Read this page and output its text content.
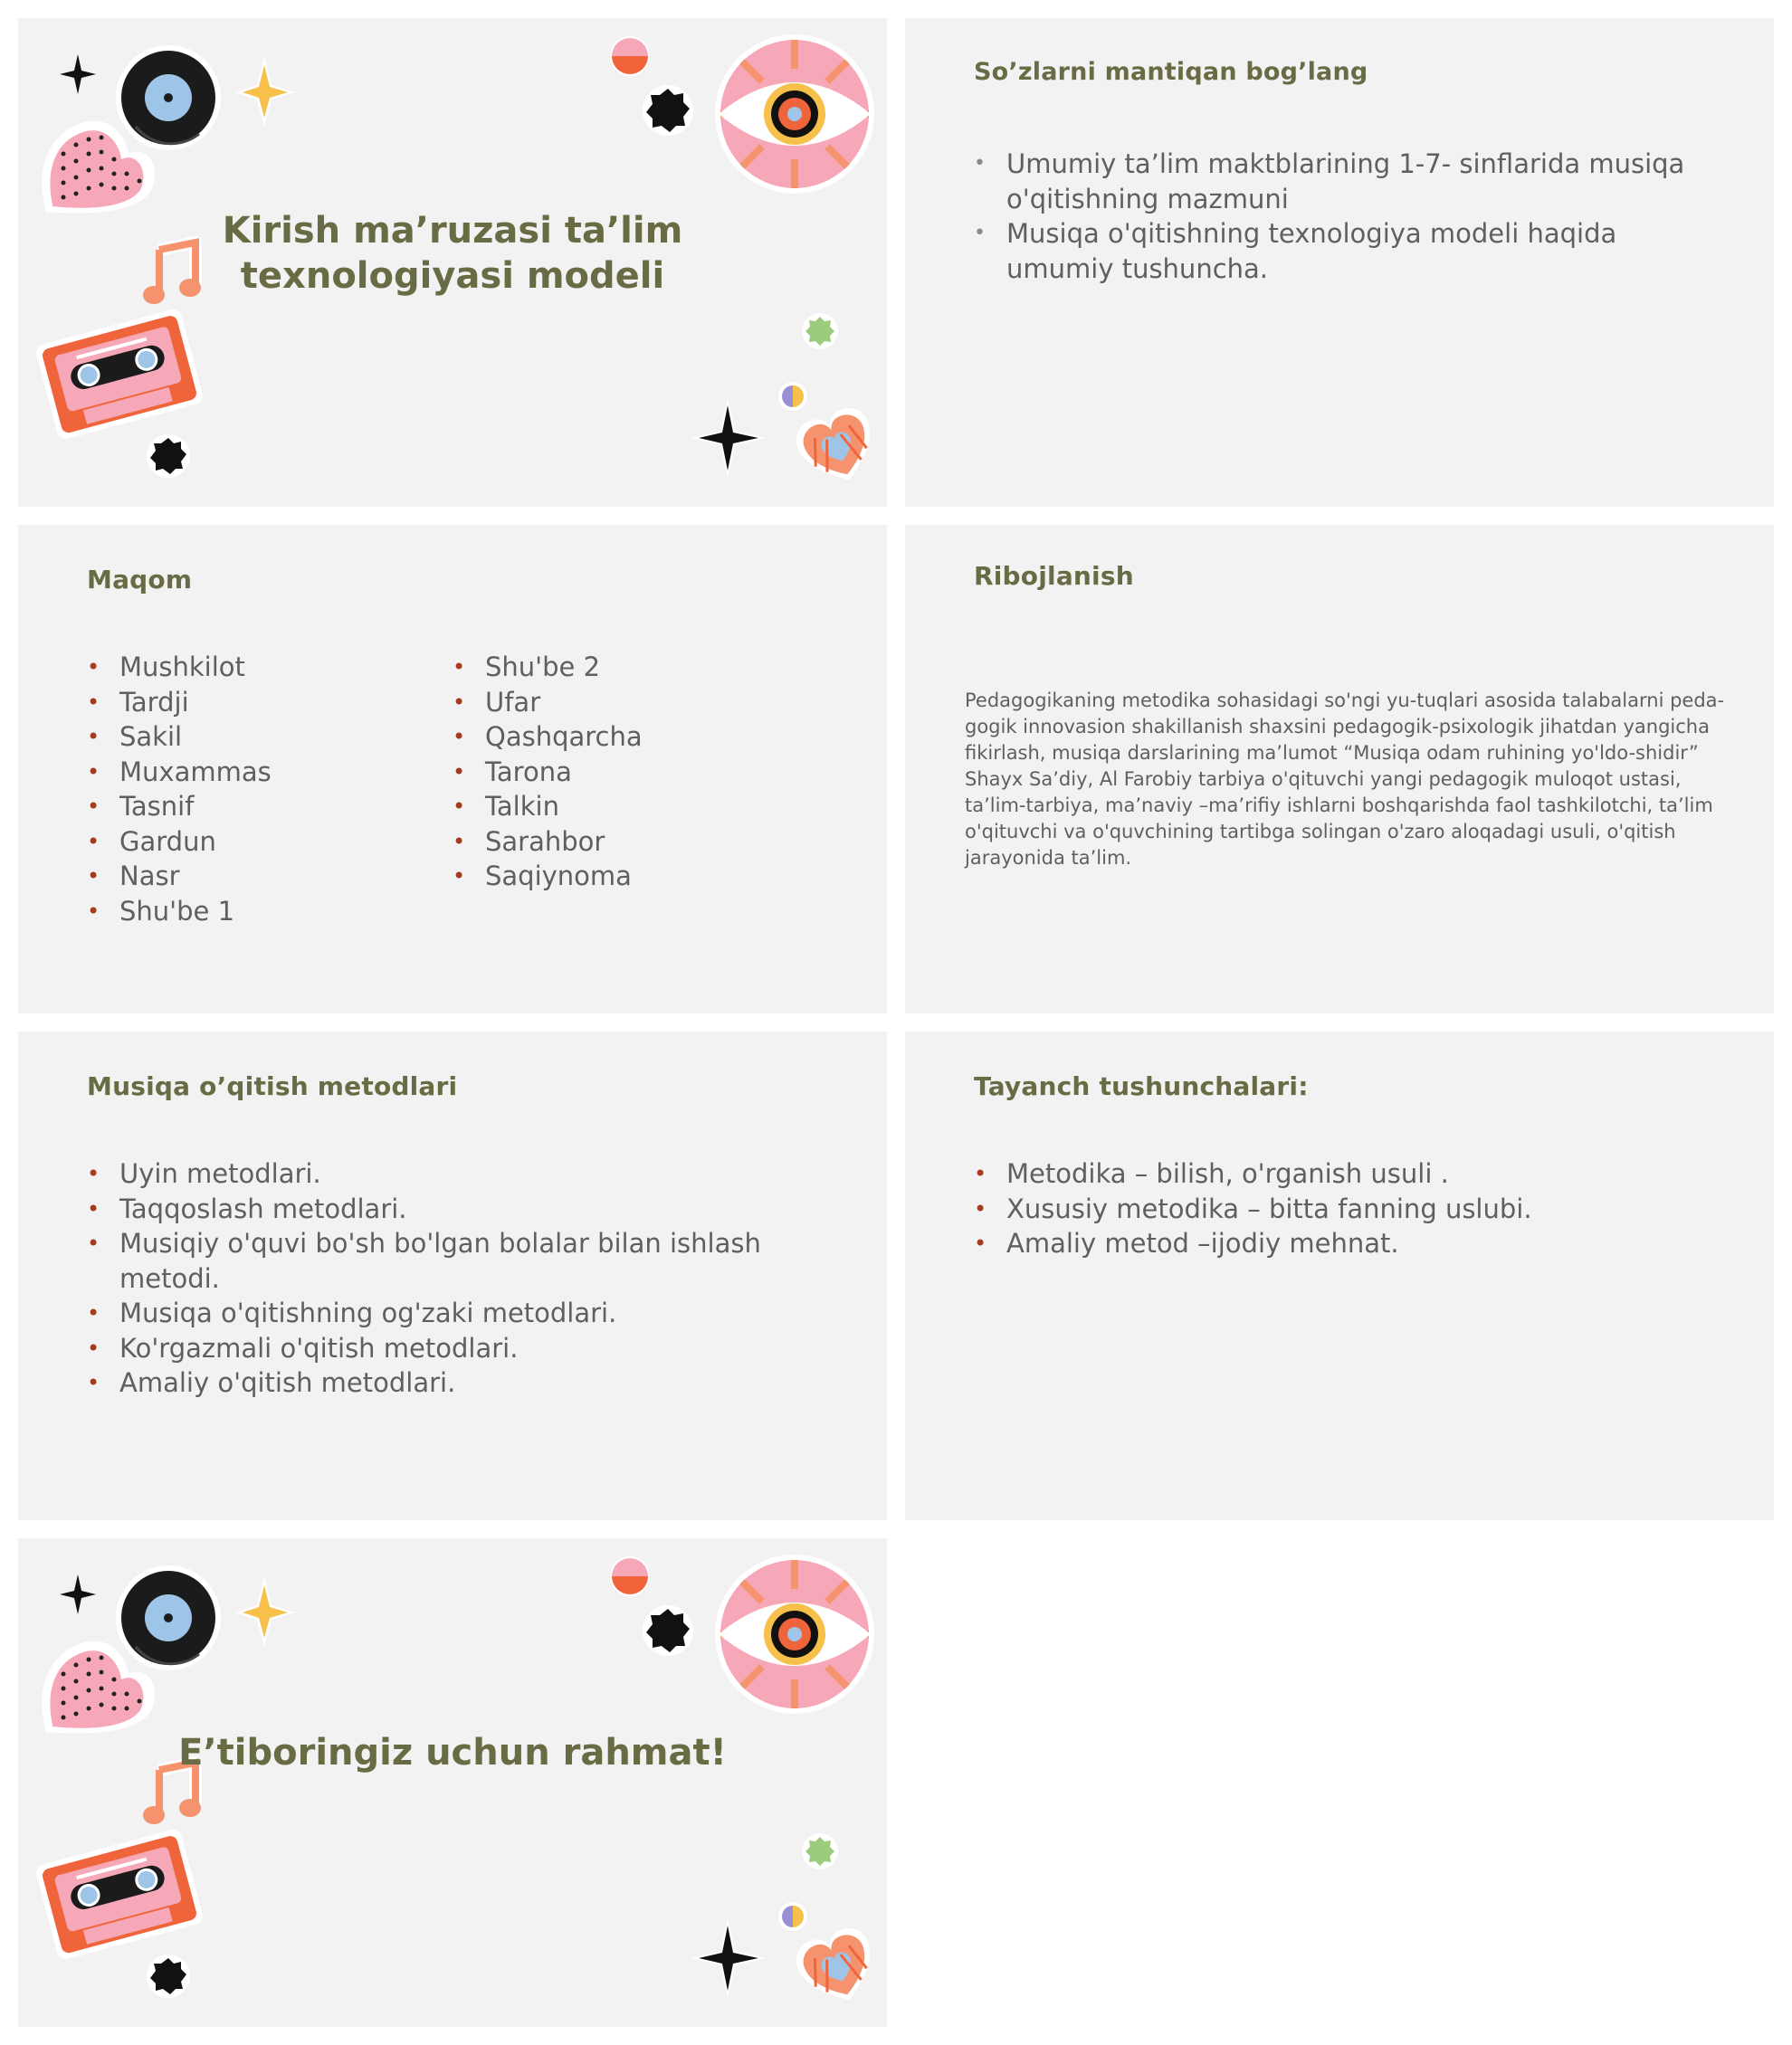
Kirish ma’ruzasi ta’lim texnologiyasi modeli
So’zlarni mantiqan bog’lang
• Umumiy ta’lim maktblarining 1-7- sinflarida musiqa o'qitishning mazmuni
• Musiqa o'qitishning texnologiya modeli haqida umumiy tushuncha.
Maqom
• Mushkilot
• Tardji
• Sakil
• Muxammas
• Tasnif
• Gardun
• Nasr
• Shu'be 1
• Shu'be 2
• Ufar
• Qashqarcha
• Tarona
• Talkin
• Sarahbor
• Saqiynoma
Ribojlanish

Pedagogikaning metodika sohasidagi so'ngi yu-tuqlari asosida talabalarni peda-gogik innovasion shakillanish shaxsini pedagogik-psixologik jihatdan yangicha fikirlash, musiqa darslarining ma’lumot “Musiqa odam ruhining yo'ldo-shidir” Shayx Sa’diy, Al Farobiy tarbiya o'qituvchi yangi pedagogik muloqot ustasi, ta’lim-tarbiya, ma’naviy –ma’rifiy ishlarni boshqarishda faol tashkilotchi, ta’lim o'qituvchi va o'quvchining tartibga solingan o'zaro aloqadagi usuli, o'qitish jarayonida ta’lim.

Musiqa o’qitish metodlari
• Uyin metodlari.
• Taqqoslash metodlari.
• Musiqiy o'quvi bo'sh bo'lgan bolalar bilan ishlash metodi.
• Musiqa o'qitishning og'zaki metodlari.
• Ko'rgazmali o'qitish metodlari.
• Amaliy o'qitish metodlari.
Tayanch tushunchalari:
• Metodika – bilish, o'rganish usuli .
• Xususiy metodika – bitta fanning uslubi.
• Amaliy metod –ijodiy mehnat.
E’tiboringiz uchun rahmat!
